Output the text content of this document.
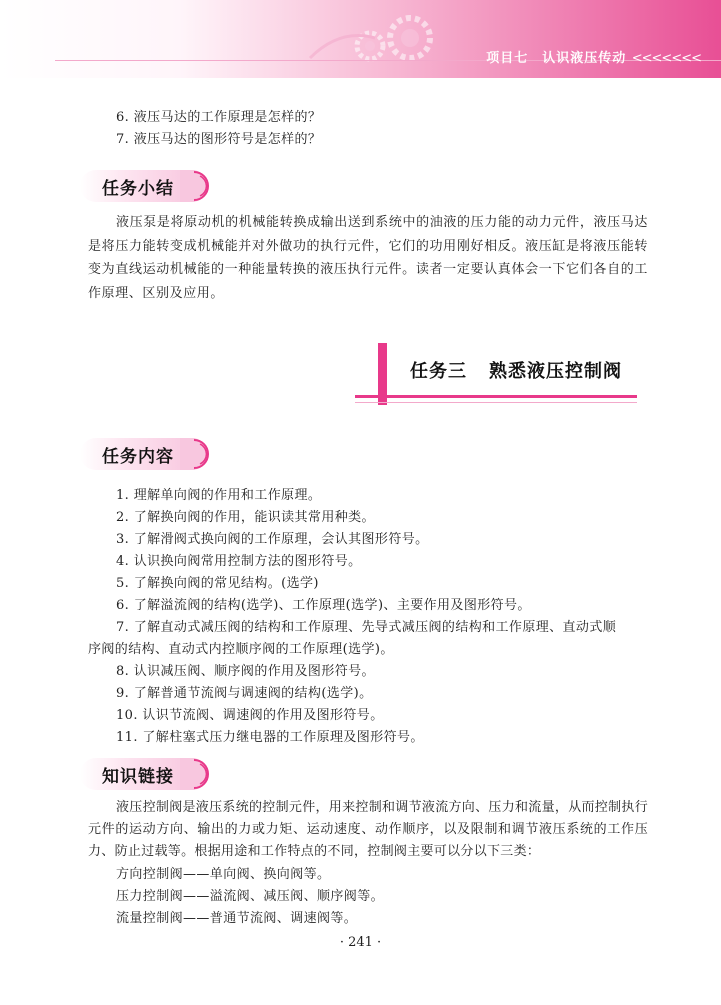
项目七　认识液压传动 <<<<<<<
6. 液压马达的工作原理是怎样的？
7. 液压马达的图形符号是怎样的？
任务小结
液压泵是将原动机的机械能转换成输出送到系统中的油液的压力能的动力元件，液压马达是将压力能转变成机械能并对外做功的执行元件，它们的功用刚好相反。液压缸是将液压能转变为直线运动机械能的一种能量转换的液压执行元件。读者一定要认真体会一下它们各自的工作原理、区别及应用。
任务三 熟悉液压控制阀
任务内容
1. 理解单向阀的作用和工作原理。
2. 了解换向阀的作用，能识读其常用种类。
3. 了解滑阀式换向阀的工作原理，会认其图形符号。
4. 认识换向阀常用控制方法的图形符号。
5. 了解换向阀的常见结构。(选学)
6. 了解溢流阀的结构(选学)、工作原理(选学)、主要作用及图形符号。
7. 了解直动式减压阀的结构和工作原理、先导式减压阀的结构和工作原理、直动式顺
序阀的结构、直动式内控顺序阀的工作原理(选学)。
8. 认识减压阀、顺序阀的作用及图形符号。
9. 了解普通节流阀与调速阀的结构(选学)。
10. 认识节流阀、调速阀的作用及图形符号。
11. 了解柱塞式压力继电器的工作原理及图形符号。
知识链接
液压控制阀是液压系统的控制元件，用来控制和调节液流方向、压力和流量，从而控制执行元件的运动方向、输出的力或力矩、运动速度、动作顺序，以及限制和调节液压系统的工作压力、防止过载等。根据用途和工作特点的不同，控制阀主要可以分以下三类：
方向控制阀——单向阀、换向阀等。
压力控制阀——溢流阀、减压阀、顺序阀等。
流量控制阀——普通节流阀、调速阀等。
· 241 ·
